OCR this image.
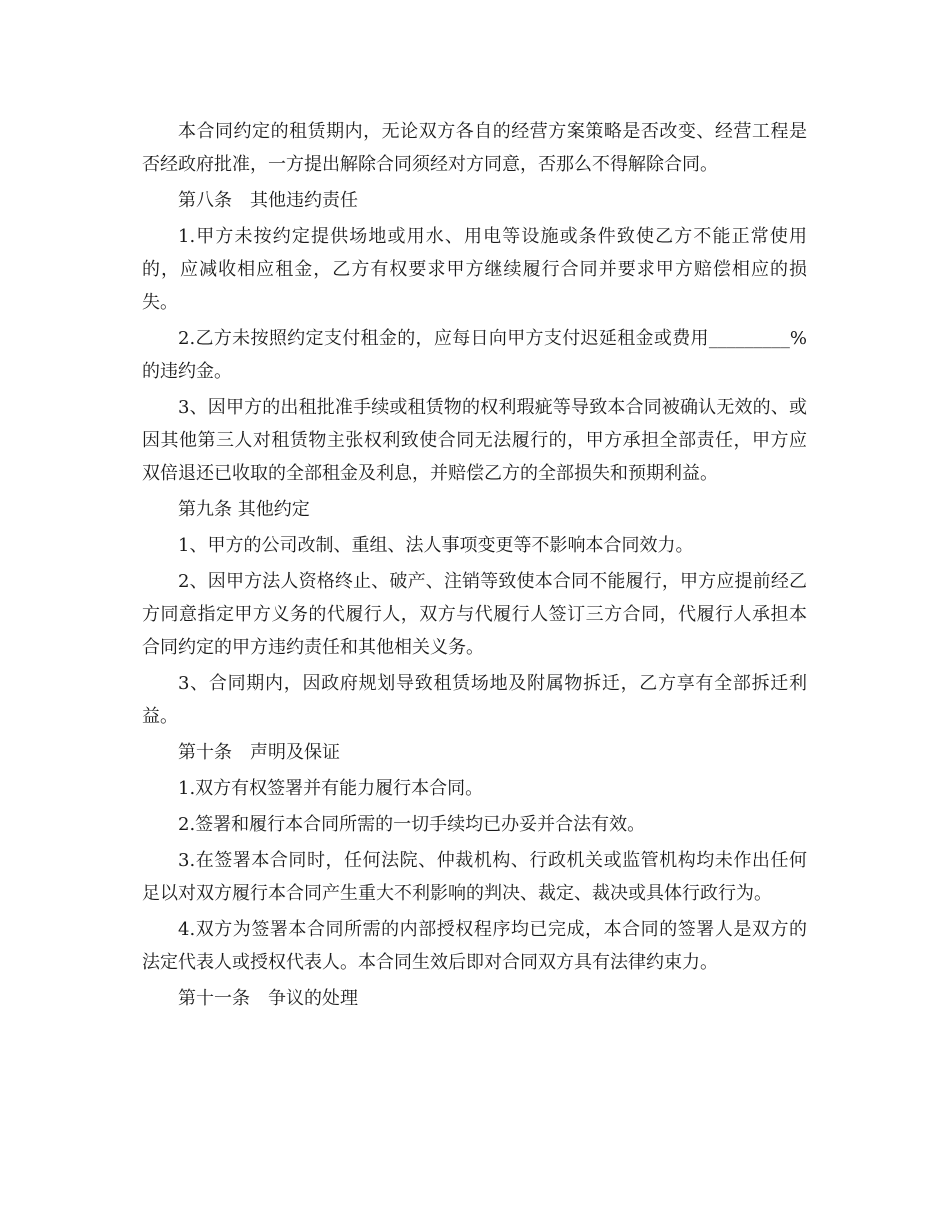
本合同约定的租赁期内，无论双方各自的经营方案策略是否改变、经营工程是否经政府批准，一方提出解除合同须经对方同意，否那么不得解除合同。

第八条　其他违约责任

1.甲方未按约定提供场地或用水、用电等设施或条件致使乙方不能正常使用的，应减收相应租金，乙方有权要求甲方继续履行合同并要求甲方赔偿相应的损失。

2.乙方未按照约定支付租金的，应每日向甲方支付迟延租金或费用_________%的违约金。

3、因甲方的出租批准手续或租赁物的权利瑕疵等导致本合同被确认无效的、或因其他第三人对租赁物主张权利致使合同无法履行的，甲方承担全部责任，甲方应双倍退还已收取的全部租金及利息，并赔偿乙方的全部损失和预期利益。

第九条 其他约定

1、甲方的公司改制、重组、法人事项变更等不影响本合同效力。

2、因甲方法人资格终止、破产、注销等致使本合同不能履行，甲方应提前经乙方同意指定甲方义务的代履行人，双方与代履行人签订三方合同，代履行人承担本合同约定的甲方违约责任和其他相关义务。

3、合同期内，因政府规划导致租赁场地及附属物拆迁，乙方享有全部拆迁利益。

第十条　声明及保证

1.双方有权签署并有能力履行本合同。

2.签署和履行本合同所需的一切手续均已办妥并合法有效。

3.在签署本合同时，任何法院、仲裁机构、行政机关或监管机构均未作出任何足以对双方履行本合同产生重大不利影响的判决、裁定、裁决或具体行政行为。

4.双方为签署本合同所需的内部授权程序均已完成，本合同的签署人是双方的法定代表人或授权代表人。本合同生效后即对合同双方具有法律约束力。

第十一条　争议的处理
